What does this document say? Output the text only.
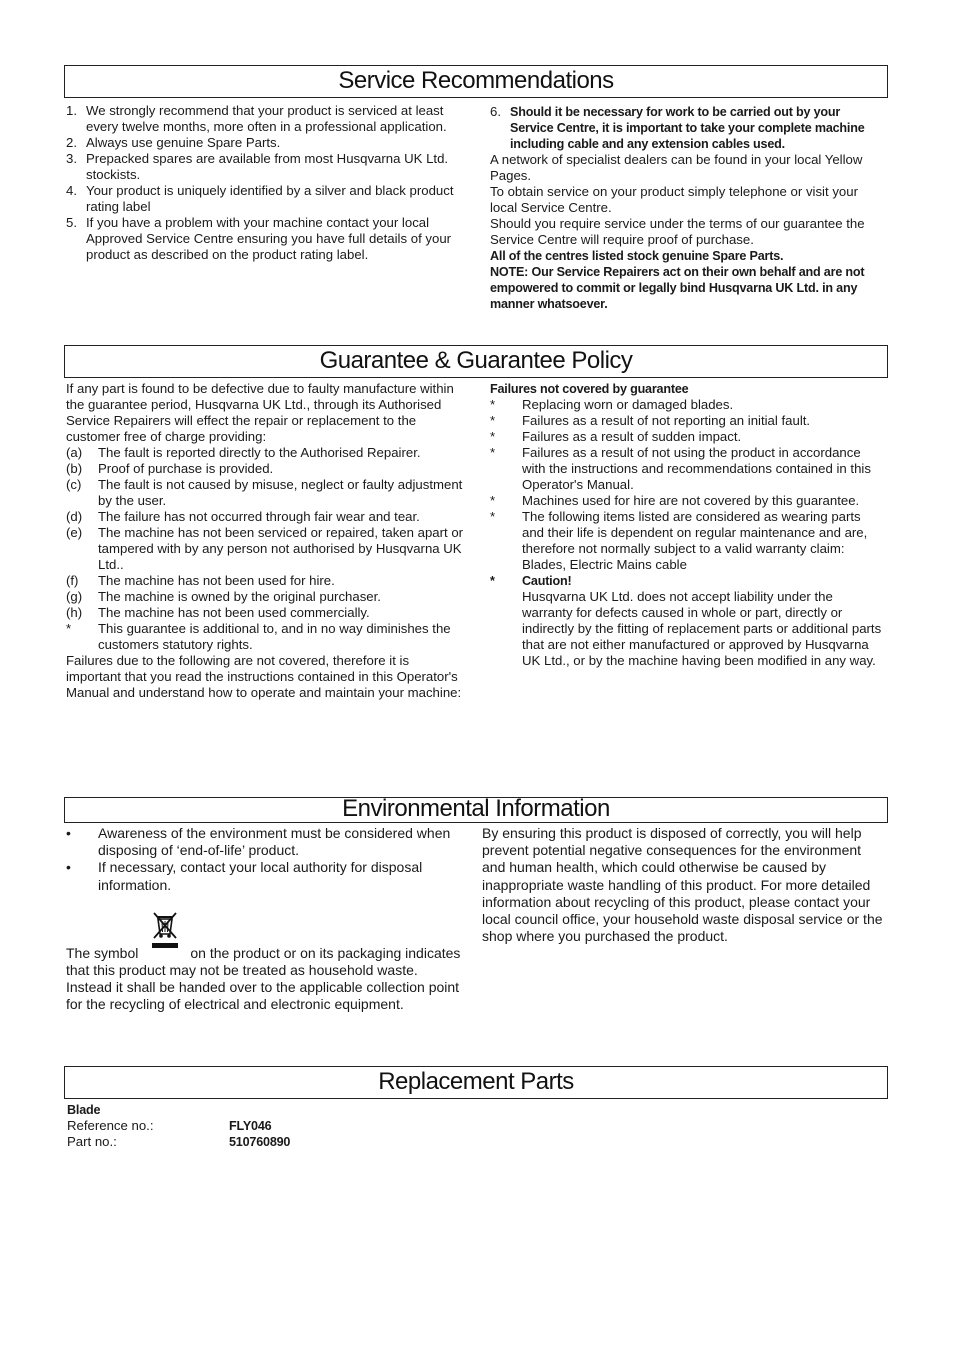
Service Recommendations
1. We strongly recommend that your product is serviced at least every twelve months, more often in a professional application.
2. Always use genuine Spare Parts.
3. Prepacked spares are available from most Husqvarna UK Ltd. stockists.
4. Your product is uniquely identified by a silver and black product rating label
5. If you have a problem with your machine contact your local Approved Service Centre ensuring you have full details of your product as described on the product rating label.
6. Should it be necessary for work to be carried out by your Service Centre, it is important to take your complete machine including cable and any extension cables used.

A network of specialist dealers can be found in your local Yellow Pages.

To obtain service on your product simply telephone or visit your local Service Centre.

Should you require service under the terms of our guarantee the Service Centre will require proof of purchase.

All of the centres listed stock genuine Spare Parts.

NOTE: Our Service Repairers act on their own behalf and are not empowered to commit or legally bind Husqvarna UK Ltd. in any manner whatsoever.

Guarantee & Guarantee Policy

If any part is found to be defective due to faulty manufacture within the guarantee period, Husqvarna UK Ltd., through its Authorised Service Repairers will effect the repair or replacement to the customer free of charge providing:

(a) The fault is reported directly to the Authorised Repairer.
(b) Proof of purchase is provided.
(c) The fault is not caused by misuse, neglect or faulty adjustment by the user.
(d) The failure has not occurred through fair wear and tear.
(e) The machine has not been serviced or repaired, taken apart or tampered with by any person not authorised by Husqvarna UK Ltd..
(f) The machine has not been used for hire.
(g) The machine is owned by the original purchaser.
(h) The machine has not been used commercially.
* This guarantee is additional to, and in no way diminishes the customers statutory rights.

Failures due to the following are not covered, therefore it is important that you read the instructions contained in this Operator's Manual and understand how to operate and maintain your machine:

Failures not covered by guarantee

* Replacing worn or damaged blades.
* Failures as a result of not reporting an initial fault.
* Failures as a result of sudden impact.
* Failures as a result of not using the product in accordance with the instructions and recommendations contained in this Operator's Manual.
* Machines used for hire are not covered by this guarantee.
* The following items listed are considered as wearing parts and their life is dependent on regular maintenance and are, therefore not normally subject to a valid warranty claim: Blades, Electric Mains cable
* Caution!
Husqvarna UK Ltd. does not accept liability under the warranty for defects caused in whole or part, directly or indirectly by the fitting of replacement parts or additional parts that are not either manufactured or approved by Husqvarna UK Ltd., or by the machine having been modified in any way.
Environmental Information
• Awareness of the environment must be considered when disposing of ‘end-of-life’ product.
• If necessary, contact your local authority for disposal information.

The symbol	on the product or on its packaging indicates that this product may not be treated as household waste. Instead it shall be handed over to the applicable collection point for the recycling of electrical and electronic equipment.

By ensuring this product is disposed of correctly, you will help prevent potential negative consequences for the environment and human health, which could otherwise be caused by inappropriate waste handling of this product. For more detailed information about recycling of this product, please contact your local council office, your household waste disposal service or the shop where you purchased the product.

Replacement Parts
Blade
Reference no.:	FLY046
Part no.:	510760890
